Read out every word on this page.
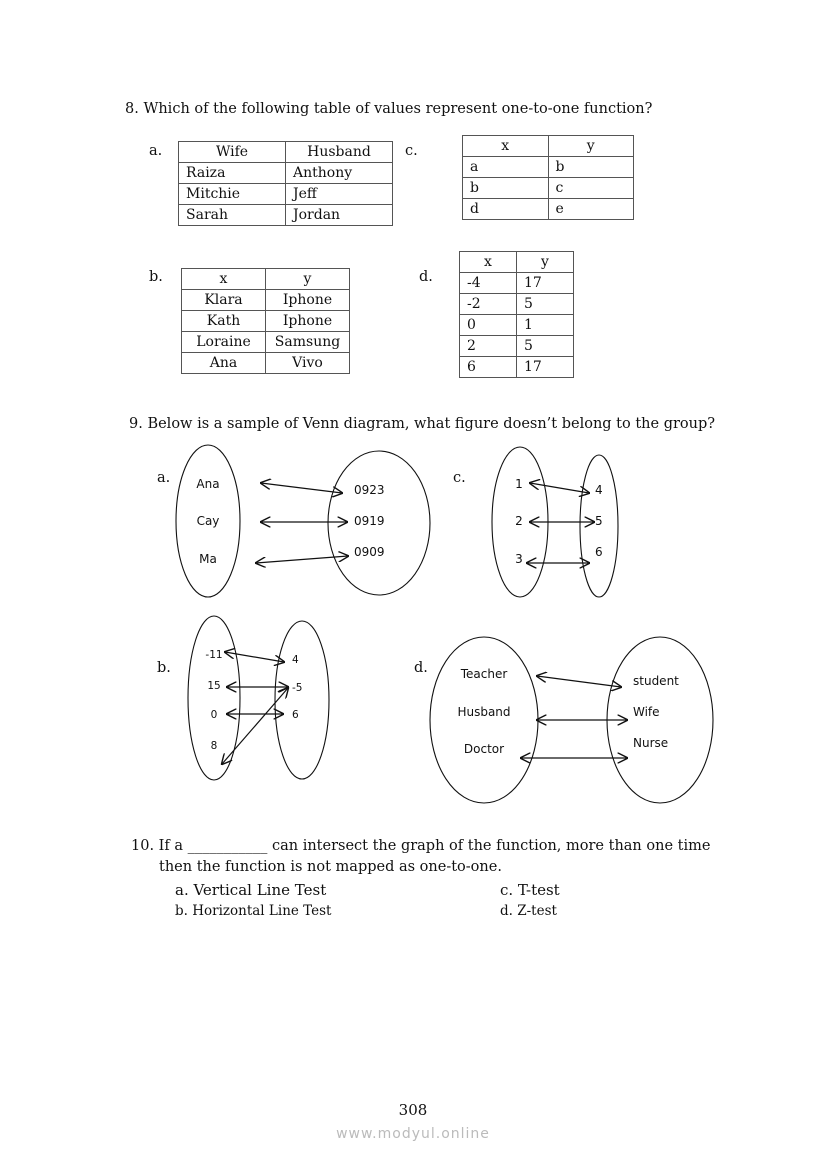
8. Which of the following table of values represent one-to-one function?
a.	Wife	Husband
Raiza	Anthony
Mitchie	Jeff
Sarah	Jordan
c.	x	y
a	b
b	c
d	e
b.	x	y
Klara	Iphone
Kath	Iphone
Loraine	Samsung
Ana	Vivo
d.
x	y
-4	17
-2	5
0	1
2	5
6	17
9. Below is a sample of Venn diagram, what figure doesn’t belong to the group?
a.	c.
b.	d.
Ana
Cay
Ma
1
2
3
-11
15
0
8
Teacher
Husband
Doctor
0923
0919
0909
4
5
6
4
-5
6
student
Wife
Nurse
10. If a ___________ can intersect the graph of the function, more than one time
then the function is not mapped as one-to-one.
a. Vertical Line Test
b. Horizontal Line Test
c. T-test
d. Z-test
308
www.modyul.online
